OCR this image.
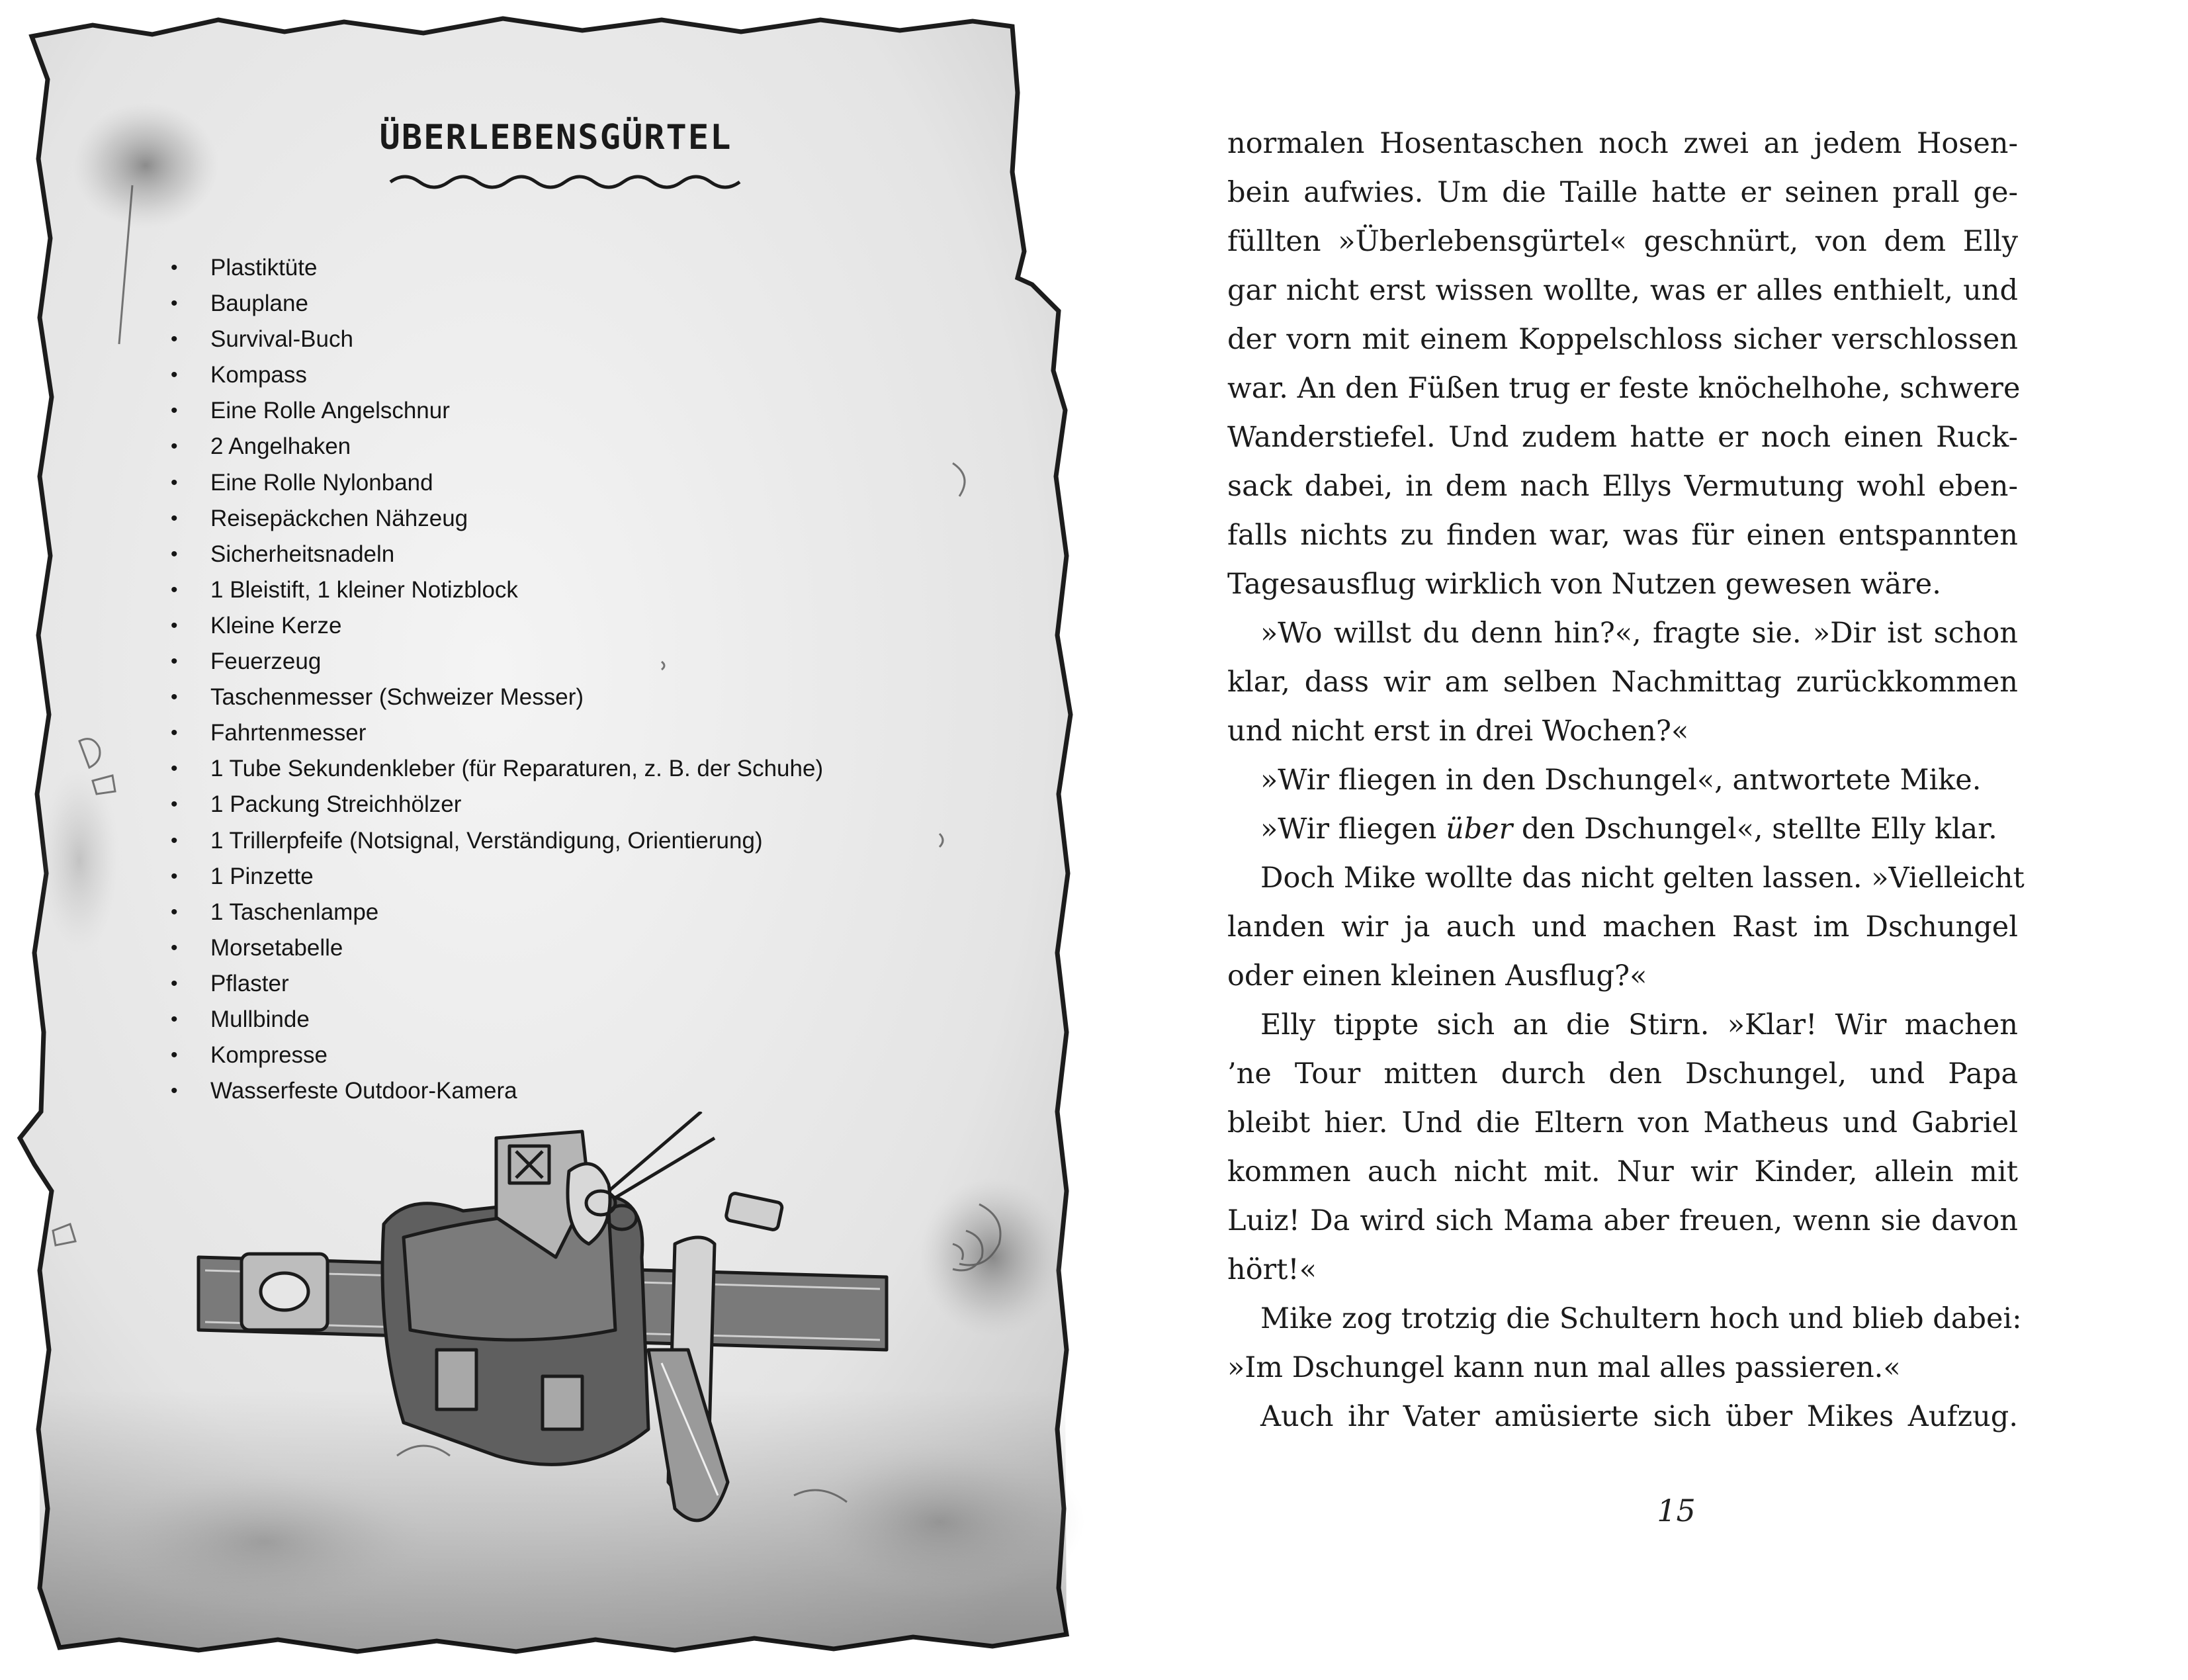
ÜBERLEBENSGÜRTEL
• Plastiktüte
• Bauplane
• Survival-Buch
• Kompass
• Eine Rolle Angelschnur
• 2 Angelhaken
• Eine Rolle Nylonband
• Reisepäckchen Nähzeug
• Sicherheitsnadeln
• 1 Bleistift, 1 kleiner Notizblock
• Kleine Kerze
• Feuerzeug
• Taschenmesser (Schweizer Messer)
• Fahrtenmesser
• 1 Tube Sekundenkleber (für Reparaturen, z. B. der Schuhe)
• 1 Packung Streichhölzer
• 1 Trillerpfeife (Notsignal, Verständigung, Orientierung)
• 1 Pinzette
• 1 Taschenlampe
• Morsetabelle
• Pflaster
• Mullbinde
• Kompresse
• Wasserfeste Outdoor-Kamera
normalen Hosentaschen noch zwei an jedem Hosen-
bein aufwies. Um die Taille hatte er seinen prall ge-
füllten »Überlebensgürtel« geschnürt, von dem Elly
gar nicht erst wissen wollte, was er alles enthielt, und
der vorn mit einem Koppelschloss sicher verschlossen
war. An den Füßen trug er feste knöchelhohe, schwere
Wanderstiefel. Und zudem hatte er noch einen Ruck-
sack dabei, in dem nach Ellys Vermutung wohl eben-
falls nichts zu finden war, was für einen entspannten
Tagesausflug wirklich von Nutzen gewesen wäre.
»Wo willst du denn hin?«, fragte sie. »Dir ist schon
klar, dass wir am selben Nachmittag zurückkommen
und nicht erst in drei Wochen?«
»Wir fliegen in den Dschungel«, antwortete Mike.
»Wir fliegen über den Dschungel«, stellte Elly klar.
Doch Mike wollte das nicht gelten lassen. »Vielleicht
landen wir ja auch und machen Rast im Dschungel
oder einen kleinen Ausflug?«
Elly tippte sich an die Stirn. »Klar! Wir machen
’ne Tour mitten durch den Dschungel, und Papa
bleibt hier. Und die Eltern von Matheus und Gabriel
kommen auch nicht mit. Nur wir Kinder, allein mit
Luiz! Da wird sich Mama aber freuen, wenn sie davon
hört!«
Mike zog trotzig die Schultern hoch und blieb dabei:
»Im Dschungel kann nun mal alles passieren.«
Auch ihr Vater amüsierte sich über Mikes Aufzug.
15
